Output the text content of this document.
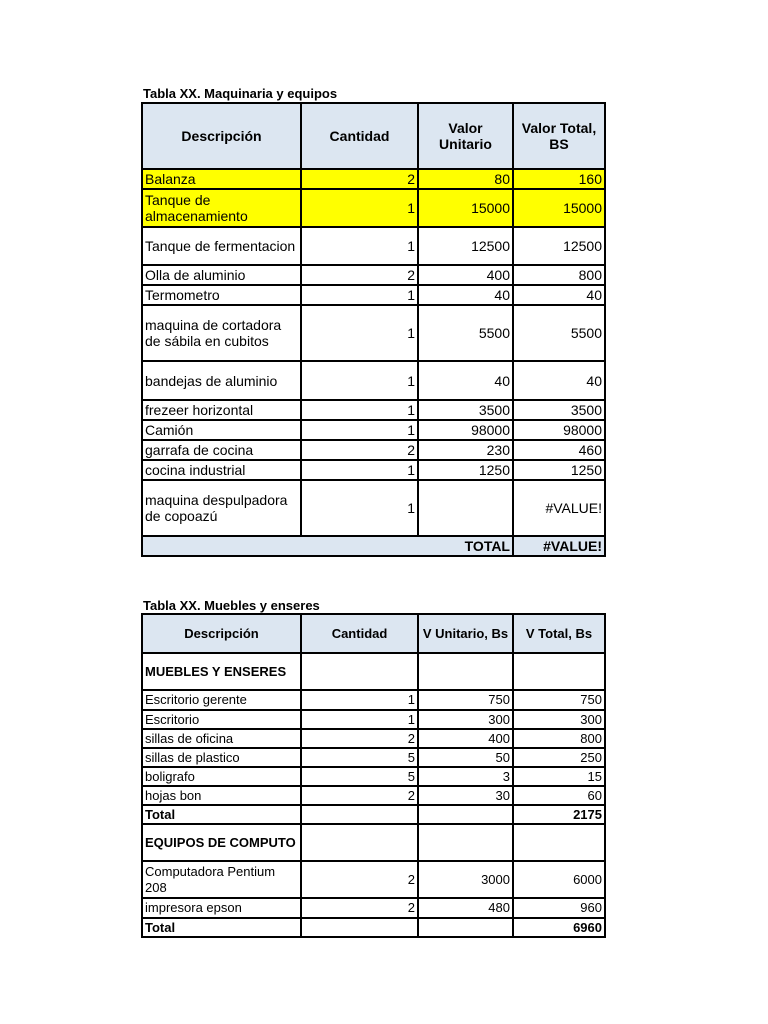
Tabla XX. Maquinaria y equipos
Descripción	Cantidad	Valor Unitario	Valor Total, BS
Balanza	2	80	160
Tanque de almacenamiento	1	15000	15000
Tanque de fermentacion	1	12500	12500
Olla de aluminio	2	400	800
Termometro	1	40	40
maquina de cortadora de sábila en cubitos	1	5500	5500
bandejas de aluminio	1	40	40
frezeer horizontal	1	3500	3500
Camión	1	98000	98000
garrafa de cocina	2	230	460
cocina industrial	1	1250	1250
maquina despulpadora de copoazú	1		#VALUE!
TOTAL			#VALUE!
Tabla XX. Muebles y enseres
Descripción	Cantidad	V Unitario, Bs	V Total, Bs
MUEBLES Y ENSERES			
Escritorio gerente	1	750	750
Escritorio	1	300	300
sillas de oficina	2	400	800
sillas de plastico	5	50	250
boligrafo	5	3	15
hojas bon	2	30	60
Total			2175
EQUIPOS DE COMPUTO			
Computadora Pentium 208	2	3000	6000
impresora epson	2	480	960
Total			6960
